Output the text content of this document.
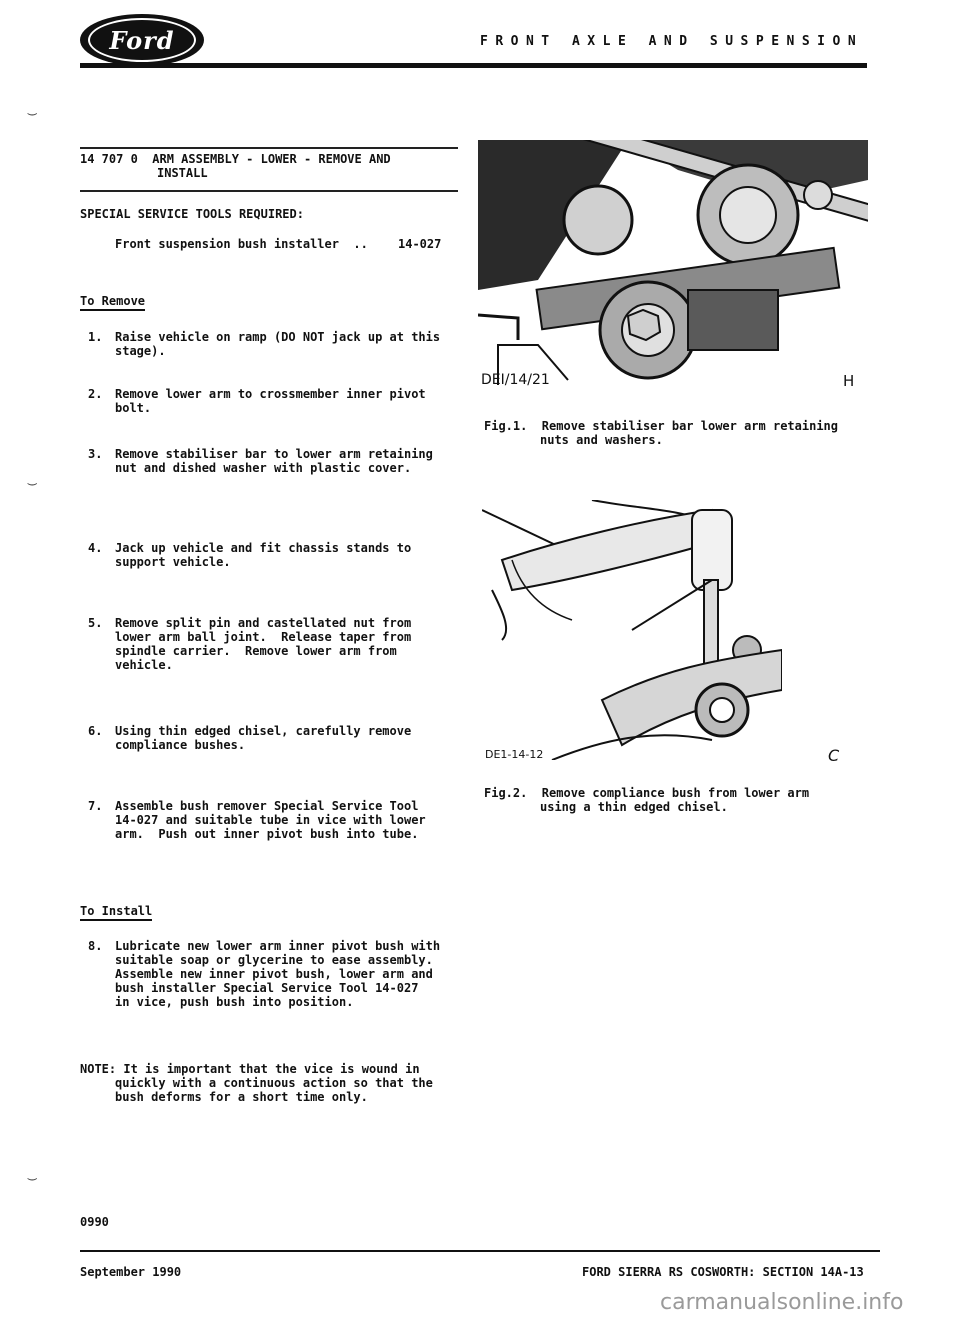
Ford	FRONT AXLE AND SUSPENSION
‿
‿
‿
14 707 0  ARM ASSEMBLY - LOWER - REMOVE AND
INSTALL
SPECIAL SERVICE TOOLS REQUIRED:
Front suspension bush installer  ..	14-027
To Remove
1. Raise vehicle on ramp (DO NOT jack up at this
stage).
2. Remove lower arm to crossmember inner pivot
bolt.
3. Remove stabiliser bar to lower arm retaining
nut and dished washer with plastic cover.
4. Jack up vehicle and fit chassis stands to
support vehicle.
5. Remove split pin and castellated nut from
lower arm ball joint.  Release taper from
spindle carrier.  Remove lower arm from
vehicle.
6. Using thin edged chisel, carefully remove
compliance bushes.
7. Assemble bush remover Special Service Tool
14-027 and suitable tube in vice with lower
arm.  Push out inner pivot bush into tube.
To Install
8. Lubricate new lower arm inner pivot bush with
suitable soap or glycerine to ease assembly.
Assemble new inner pivot bush, lower arm and
bush installer Special Service Tool 14-027
in vice, push bush into position.
NOTE: It is important that the vice is wound in
quickly with a continuous action so that the
bush deforms for a short time only.
DEI/14/21	H
Fig.1.  Remove stabiliser bar lower arm retaining
nuts and washers.
DE1-14-12	C
Fig.2.  Remove compliance bush from lower arm
using a thin edged chisel.
0990
September 1990	FORD SIERRA RS COSWORTH: SECTION 14A-13
carmanualsonline.info
